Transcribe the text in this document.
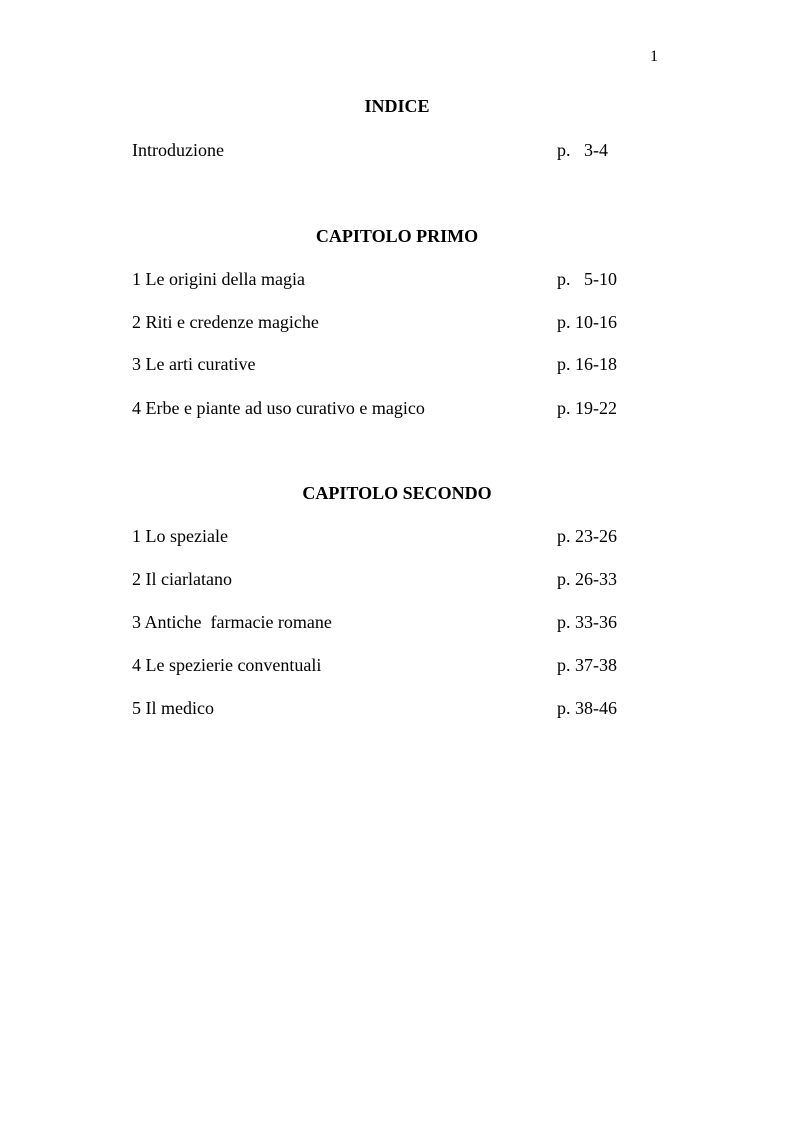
1
INDICE
Introduzione	p.   3-4
CAPITOLO PRIMO
1 Le origini della magia	p.   5-10
2 Riti e credenze magiche	p. 10-16
3 Le arti curative	p. 16-18
4 Erbe e piante ad uso curativo e magico	p. 19-22
CAPITOLO SECONDO
1 Lo speziale	p. 23-26
2 Il ciarlatano	p. 26-33
3 Antiche  farmacie romane	p. 33-36
4 Le spezierie conventuali	p. 37-38
5 Il medico	p. 38-46
